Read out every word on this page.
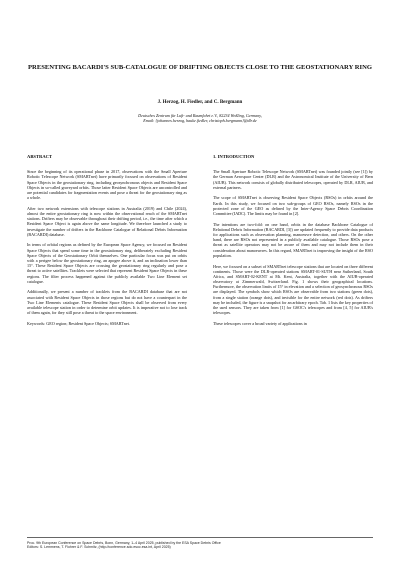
PRESENTING BACARDI'S SUB-CATALOGUE OF DRIFTING OBJECTS CLOSE TO THE GEOSTATIONARY RING
J. Herzog, H. Fiedler, and C. Bergmann
Deutsches Zentrum für Luft- und Raumfahrt e.V., 82234 Weßling, Germany,
Email: {johannes.herzog, hauke.fiedler, christoph.bergmann}@dlr.de
ABSTRACT

Since the beginning of its operational phase in 2017, observations with the Small Aperture Robotic Telescope Network (SMARTnet) have primarily focused on observations of Resident Space Objects in the geostationary ring, including geosynchronous objects and Resident Space Objects in so-called graveyard orbits. Those latter Resident Space Objects are uncontrolled and are potential candidates for fragmentation events and pose a threat for the geostationary ring as a whole.

After two network extensions with telescope stations in Australia (2019) and Chile (2024), almost the entire geostationary ring is now within the observational reach of the SMARTnet stations. Drifters may be observable throughout their drifting period, i.e., the time after which a Resident Space Object is again above the same longitude. We therefore launched a study to investigate the number of drifters in the Backbone Catalogue of Relational Debris Information (BACARDI) database.

In terms of orbital regions as defined by the European Space Agency, we focused on Resident Space Objects that spend some time in the geostationary ring, deliberately excluding Resident Space Objects of the Geostationary Orbit themselves. One particular focus was put on orbits with a perigee below the geostationary ring, an apogee above it, and an inclination lower than 15°. These Resident Space Objects are crossing the geostationary ring regularly and pose a threat to active satellites. Tracklets were selected that represent Resident Space Objects in these regions. The filter process happened against the publicly available Two Line Element set catalogue.

Additionally, we present a number of tracklets from the BACARDI database that are not associated with Resident Space Objects in those regions but do not have a counterpart in the Two Line Elements catalogue. These Resident Space Objects shall be observed from every available telescope station in order to determine orbit updates. It is imperative not to lose track of them again, for they still pose a threat to the space environment.

Keywords: GEO region; Resident Space Objects; SMARTnet.

1. INTRODUCTION

The Small Aperture Robotic Telescope Network (SMARTnet) was founded jointly (see [1]) by the German Aerospace Center (DLR) and the Astronomical Institute of the University of Bern (AIUB). This network consists of globally distributed telescopes, operated by DLR, AIUB, and external partners.

The scope of SMARTnet is observing Resident Space Objects (RSOs) in orbits around the Earth. In this study, we focused on two sub-groups of GEO RSOs, namely RSOs in the protected zone of the GEO as defined by the Inter-Agency Space Debris Coordination Committee (IADC). The limits may be found in [2].

The intentions are two-fold: on one hand, orbits in the database Backbone Catalogue of Relational Debris Information (BACARDI, [3]) are updated frequently to provide data products for applications such as observation planning, manoeuvre detection, and others. On the other hand, there are RSOs not represented in a publicly available catalogue. Those RSOs pose a threat as satellite operators may not be aware of them and may not include them in their consideration about manoeuvres. In this regard, SMARTnet is improving the insight of the RSO population.

Here, we focused on a subset of SMARTnet telescope stations that are located on three different continents. Those were the DLR-operated stations SMART-01-SUTH near Sutherland, South Africa, and SMART-02-KENT at Mt. Kent, Australia, together with the AIUB-operated observatory at Zimmerwald, Switzerland. Fig. 1 shows their geographical locations. Furthermore, the observation limits of 15° in elevation and a selection of geosynchronous RSOs are displayed. The symbols show which RSOs are observable from two stations (green dots), from a single station (orange dots), and invisible for the entire network (red dots). As drifters may be included, the figure is a snapshot for an arbitrary epoch. Tab. 1 lists the key properties of the used sensors. They are taken from [1] for GSOC's telescopes and from [4, 5] for AIUB's telescopes.

These telescopes cover a broad variety of applications in

Proc. 9th European Conference on Space Debris, Bonn, Germany, 1–4 April 2025, published by the ESA Space Debris Office
Editors: S. Lemmens, T. Flohrer & F. Schmitz, (http://conference.sdo.esoc.esa.int, April 2025)
